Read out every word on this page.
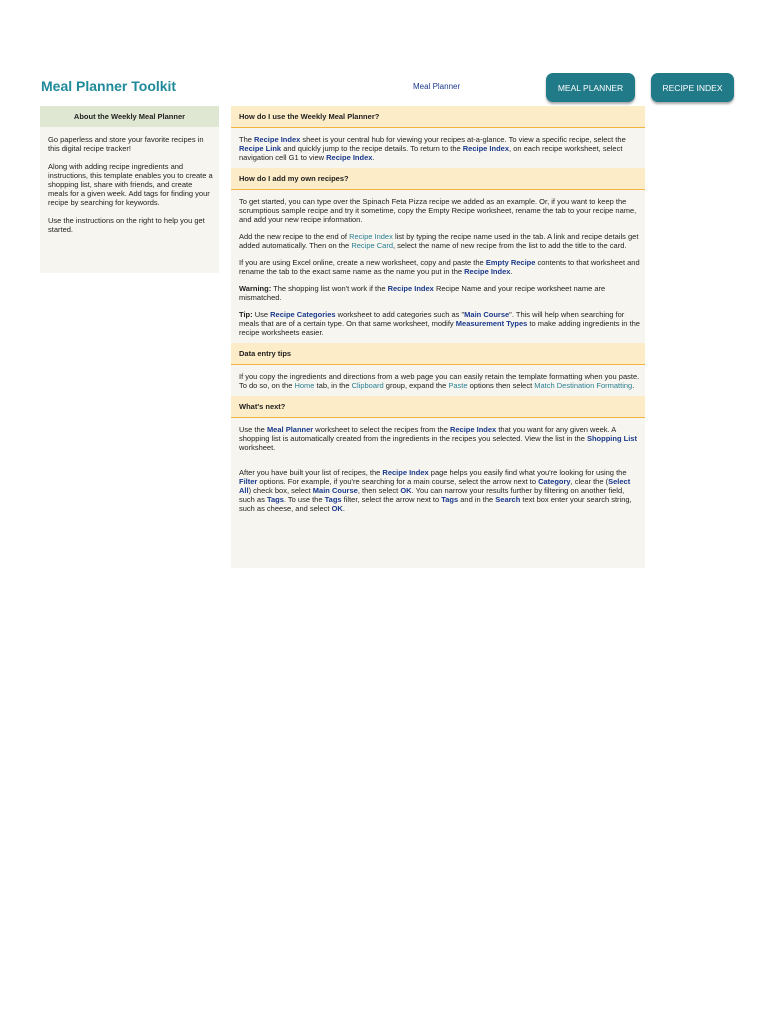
Meal Planner Toolkit	Meal Planner	MEAL PLANNER	RECIPE INDEX
About the Weekly Meal Planner

Go paperless and store your favorite recipes in this digital recipe tracker!

Along with adding recipe ingredients and instructions, this template enables you to create a shopping list, share with friends, and create meals for a given week. Add tags for finding your recipe by searching for keywords.

Use the instructions on the right to help you get started.

How do I use the Weekly Meal Planner?

The Recipe Index sheet is your central hub for viewing your recipes at-a-glance. To view a specific recipe, select the Recipe Link and quickly jump to the recipe details. To return to the Recipe Index, on each recipe worksheet, select navigation cell G1 to view Recipe Index.

How do I add my own recipes?

To get started, you can type over the Spinach Feta Pizza recipe we added as an example. Or, if you want to keep the scrumptious sample recipe and try it sometime, copy the Empty Recipe worksheet, rename the tab to your recipe name, and add your new recipe information.

Add the new recipe to the end of Recipe Index list by typing the recipe name used in the tab. A link and recipe details get added automatically. Then on the Recipe Card, select the name of new recipe from the list to add the title to the card.

If you are using Excel online, create a new worksheet, copy and paste the Empty Recipe contents to that worksheet and rename the tab to the exact same name as the name you put in the Recipe Index.

Warning: The shopping list won't work if the Recipe Index Recipe Name and your recipe worksheet name are mismatched.

Tip: Use Recipe Categories worksheet to add categories such as "Main Course". This will help when searching for meals that are of a certain type. On that same worksheet, modify Measurement Types to make adding ingredients in the recipe worksheets easier.

Data entry tips

If you copy the ingredients and directions from a web page you can easily retain the template formatting when you paste. To do so, on the Home tab, in the Clipboard group, expand the Paste options then select Match Destination Formatting.

What's next?

Use the Meal Planner worksheet to select the recipes from the Recipe Index that you want for any given week. A shopping list is automatically created from the ingredients in the recipes you selected. View the list in the Shopping List worksheet.

After you have built your list of recipes, the Recipe Index page helps you easily find what you're looking for using the Filter options. For example, if you're searching for a main course, select the arrow next to Category, clear the (Select All) check box, select Main Course, then select OK. You can narrow your results further by filtering on another field, such as Tags. To use the Tags filter, select the arrow next to Tags and in the Search text box enter your search string, such as cheese, and select OK.
